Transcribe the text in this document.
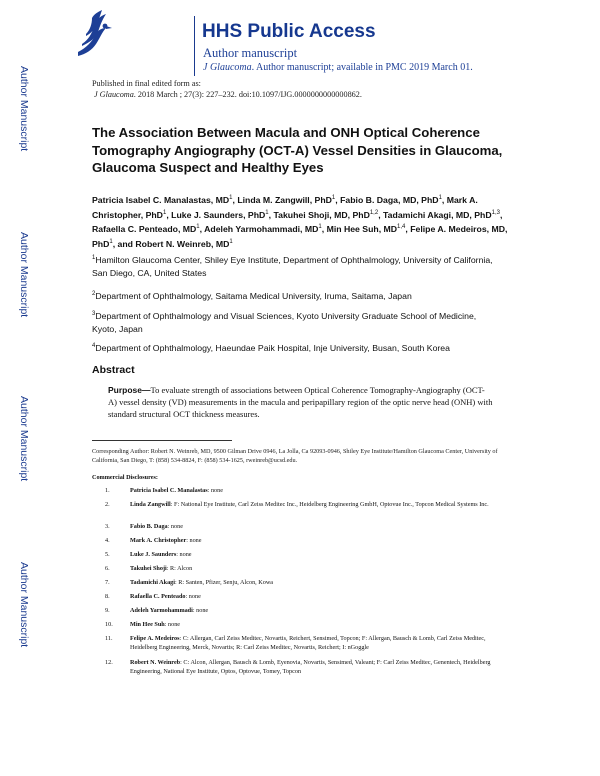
HHS Public Access
Author manuscript
J Glaucoma. Author manuscript; available in PMC 2019 March 01.
Author Manuscript
Author Manuscript
Author Manuscript
Author Manuscript
Published in final edited form as:
J Glaucoma. 2018 March ; 27(3): 227–232. doi:10.1097/IJG.0000000000000862.
The Association Between Macula and ONH Optical Coherence Tomography Angiography (OCT-A) Vessel Densities in Glaucoma, Glaucoma Suspect and Healthy Eyes
Patricia Isabel C. Manalastas, $MD^1$, Linda M. Zangwill, PhD$^1$, Fabio B. Daga, MD, PhD$^1$, Mark A. Christopher, PhD$^1$, Luke J. Saunders, PhD$^1$, Takuhei Shoji, MD, PhD$^{1,2}$, Tadamichi Akagi, MD, PhD$^{1,3}$, Rafaella C. Penteado, $MD^1$, Adeleh Yarmohammadi, $MD^1$, Min Hee Suh, MD$^{1,4}$, Felipe A. Medeiros, MD, PhD$^1$, and Robert N. Weinreb, $MD^1$
$^1$Hamilton Glaucoma Center, Shiley Eye Institute, Department of Ophthalmology, University of California, San Diego, CA, United States
$^2$Department of Ophthalmology, Saitama Medical University, Iruma, Saitama, Japan
$^3$Department of Ophthalmology and Visual Sciences, Kyoto University Graduate School of Medicine, Kyoto, Japan
$^4$Department of Ophthalmology, Haeundae Paik Hospital, Inje University, Busan, South Korea
Abstract
Purpose—To evaluate strength of associations between Optical Coherence Tomography-Angiography (OCT-A) vessel density (VD) measurements in the macula and peripapillary region of the optic nerve head (ONH) with standard structural OCT thickness measures.
Corresponding Author: Robert N. Weinreb, MD, 9500 Gilman Drive 0946, La Jolla, Ca 92093-0946, Shiley Eye Institute/Hamilton Glaucoma Center, University of California, San Diego, T: (858) 534-8824, F: (858) 534-1625, rweinreb@ucsd.edu.
Commercial Disclosures:
1.	Patricia Isabel C. Manalastas: none
2.	Linda Zangwill: F: National Eye Institute, Carl Zeiss Meditec Inc., Heidelberg Engineering GmbH, Optovue Inc., Topcon Medical Systems Inc.
3.	Fabio B. Daga: none
4.	Mark A. Christopher: none
5.	Luke J. Saunders: none
6.	Takuhei Shoji: R: Alcon
7.	Tadamichi Akagi: R: Santen, Pfizer, Senju, Alcon, Kowa
8.	Rafaella C. Penteado: none
9.	Adeleh Yarmohammadi: none
10.	Min Hee Suh: none
11.	Felipe A. Medeiros: C: Allergan, Carl Zeiss Meditec, Novartis, Reichert, Sensimed, Topcon; F: Allergan, Bausch & Lomb, Carl Zeiss Meditec, Heidelberg Engineering, Merck, Novartis; R: Carl Zeiss Meditec, Novartis, Reichert; I: nGoggle
12.	Robert N. Weinreb: C: Alcon, Allergan, Bausch & Lomb, Eyenovia, Novartis, Sensimed, Valeant; F: Carl Zeiss Meditec, Genentech, Heidelberg Engineering, National Eye Institute, Optos, Optovue, Tomey, Topcon
